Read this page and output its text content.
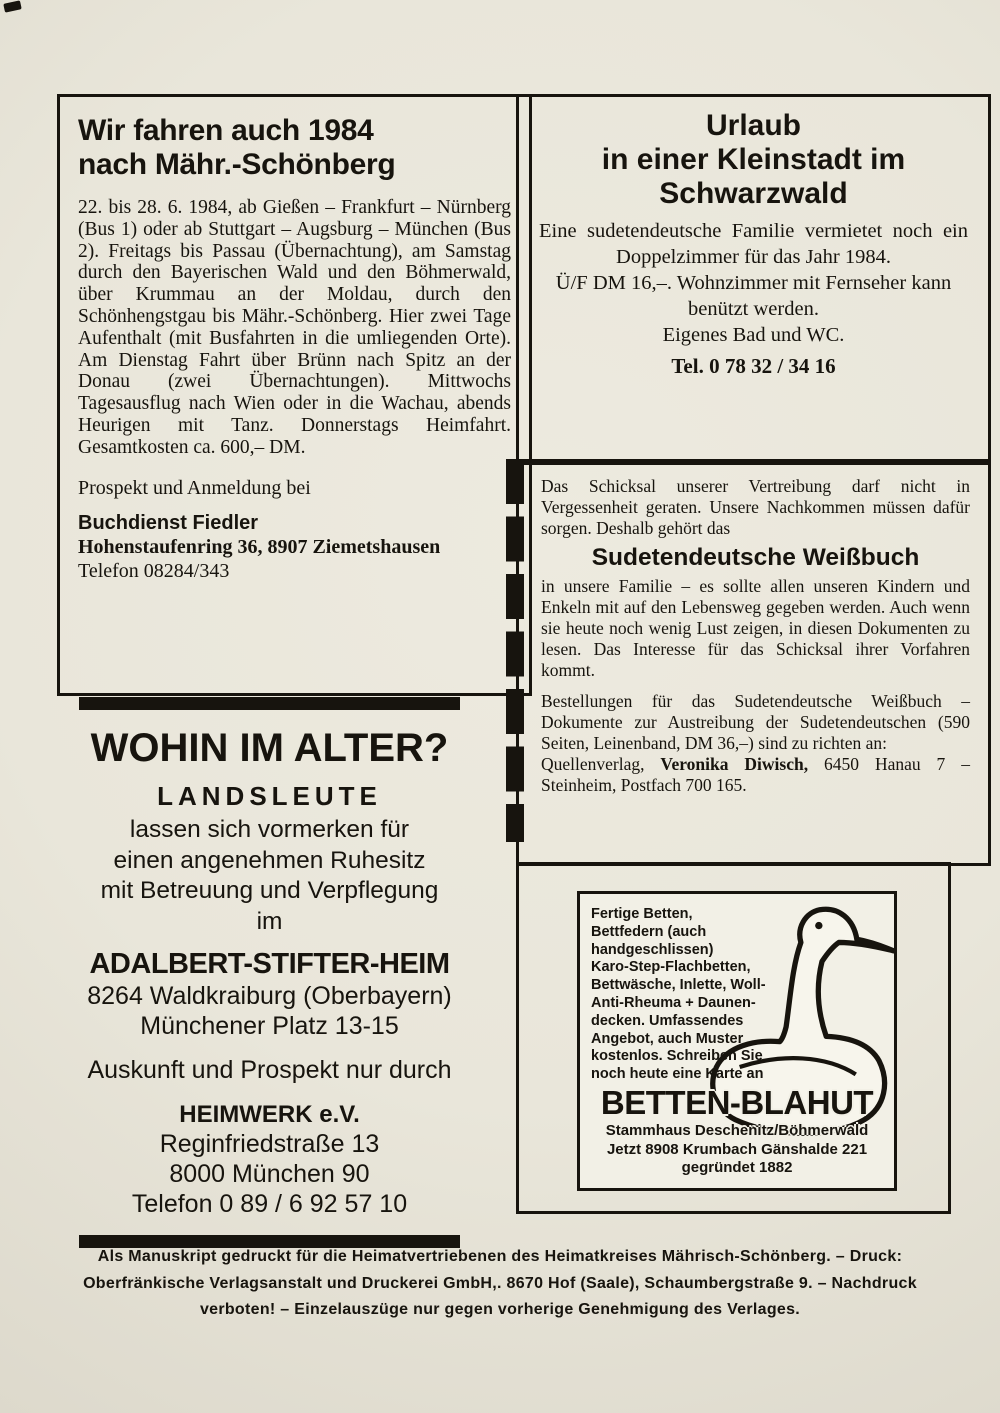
Wir fahren auch 1984
nach Mähr.-Schönberg
22. bis 28. 6. 1984, ab Gießen – Frankfurt – Nürnberg (Bus 1) oder ab Stuttgart – Augsburg – München (Bus 2). Freitags bis Passau (Übernachtung), am Samstag durch den Bayerischen Wald und den Böhmerwald, über Krummau an der Moldau, durch den Schönhengstgau bis Mähr.-Schönberg. Hier zwei Tage Aufenthalt (mit Busfahrten in die umliegenden Orte). Am Dienstag Fahrt über Brünn nach Spitz an der Donau (zwei Übernachtungen). Mittwochs Tagesausflug nach Wien oder in die Wachau, abends Heurigen mit Tanz. Donnerstags Heimfahrt. Gesamtkosten ca. 600,– DM.
Prospekt und Anmeldung bei
Buchdienst Fiedler
Hohenstaufenring 36, 8907 Ziemetshausen
Telefon 08284/343
Urlaub
in einer Kleinstadt im
Schwarzwald
Eine sudetendeutsche Familie vermietet noch ein Doppelzimmer für das Jahr 1984.
Ü/F DM 16,–. Wohnzimmer mit Fernseher kann benützt werden.
Eigenes Bad und WC.
Tel. 0 78 32 / 34 16

Das Schicksal unserer Vertreibung darf nicht in Vergessenheit geraten. Unsere Nachkommen müssen dafür sorgen. Deshalb gehört das

Sudetendeutsche Weißbuch

in unsere Familie – es sollte allen unseren Kindern und Enkeln mit auf den Lebensweg gegeben werden. Auch wenn sie heute noch wenig Lust zeigen, in diesen Dokumenten zu lesen. Das Interesse für das Schicksal ihrer Vorfahren kommt.

Bestellungen für das Sudetendeutsche Weißbuch – Dokumente zur Austreibung der Sudetendeutschen (590 Seiten, Leinenband, DM 36,–) sind zu richten an:

Quellenverlag, Veronika Diwisch, 6450 Hanau 7 – Steinheim, Postfach 700 165.

WOHIN IM ALTER?
LANDSLEUTE
lassen sich vormerken für
einen angenehmen Ruhesitz
mit Betreuung und Verpflegung
im
ADALBERT-STIFTER-HEIM
8264 Waldkraiburg (Oberbayern)
Münchener Platz 13-15
Auskunft und Prospekt nur durch
HEIMWERK e.V.
Reginfriedstraße 13
8000 München 90
Telefon 0 89 / 6 92 57 10
Fertige Betten,
Bettfedern (auch
handgeschlissen)
Karo-Step-Flachbetten,
Bettwäsche, Inlette, Woll-
Anti-Rheuma + Daunen-
decken. Umfassendes
Angebot, auch Muster
kostenlos. Schreiben Sie
noch heute eine Karte an
BETTEN-BLAHUT
Stammhaus Deschenitz/Böhmerwald
Jetzt 8908 Krumbach Gänshalde 221
gegründet 1882
Als Manuskript gedruckt für die Heimatvertriebenen des Heimatkreises Mährisch-Schönberg. – Druck:
Oberfränkische Verlagsanstalt und Druckerei GmbH,. 8670 Hof (Saale), Schaumbergstraße 9. – Nachdruck
verboten! – Einzelauszüge nur gegen vorherige Genehmigung des Verlages.
